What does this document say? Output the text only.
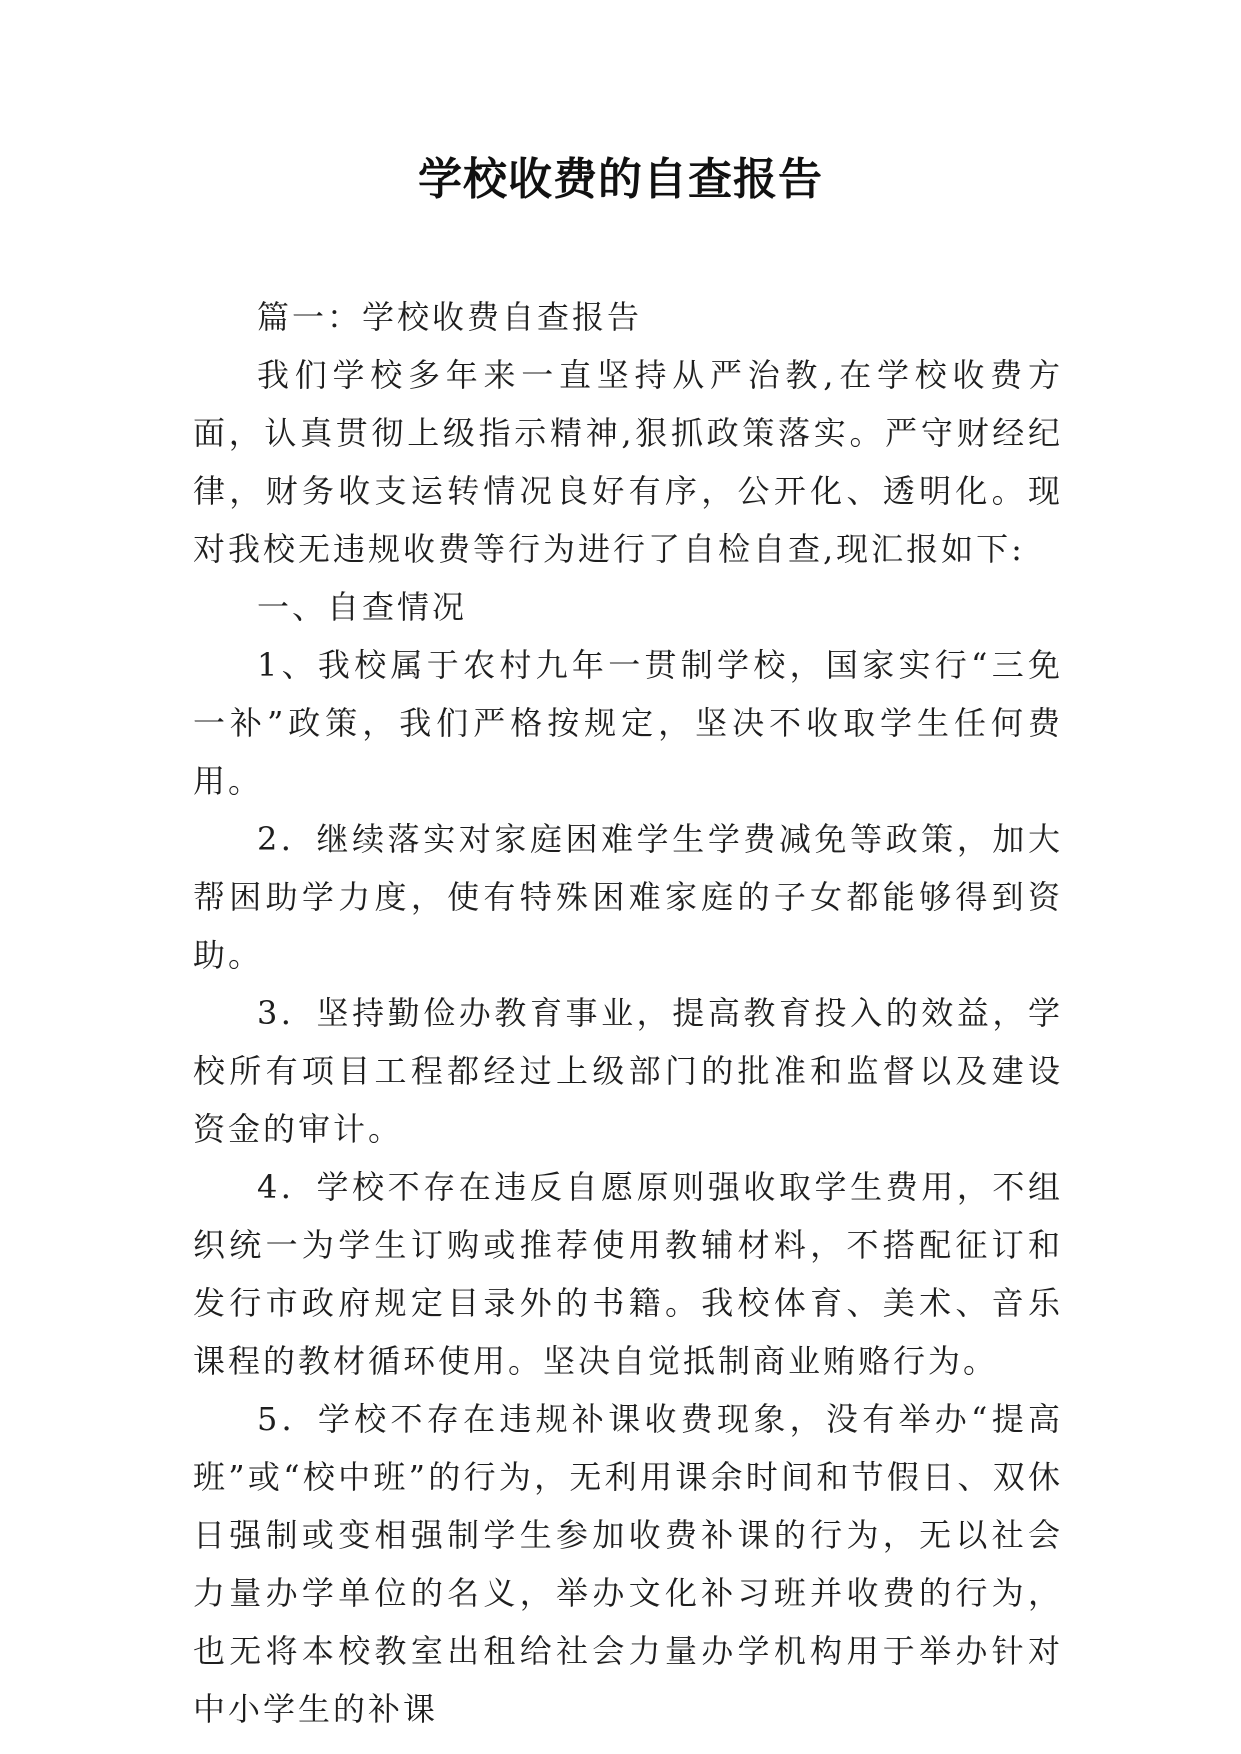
学校收费的自查报告

篇一：学校收费自查报告

我们学校多年来一直坚持从严治教,在学校收费方面，认真贯彻上级指示精神,狠抓政策落实。严守财经纪律，财务收支运转情况良好有序，公开化、透明化。现对我校无违规收费等行为进行了自检自查,现汇报如下:

一、自查情况

1、我校属于农村九年一贯制学校，国家实行“三免一补”政策，我们严格按规定，坚决不收取学生任何费用。

2．继续落实对家庭困难学生学费减免等政策，加大帮困助学力度，使有特殊困难家庭的子女都能够得到资助。

3．坚持勤俭办教育事业，提高教育投入的效益，学校所有项目工程都经过上级部门的批准和监督以及建设资金的审计。

4．学校不存在违反自愿原则强收取学生费用，不组织统一为学生订购或推荐使用教辅材料，不搭配征订和发行市政府规定目录外的书籍。我校体育、美术、音乐课程的教材循环使用。坚决自觉抵制商业贿赂行为。

5．学校不存在违规补课收费现象，没有举办“提高班”或“校中班”的行为，无利用课余时间和节假日、双休日强制或变相强制学生参加收费补课的行为，无以社会力量办学单位的名义，举办文化补习班并收费的行为，也无将本校教室出租给社会力量办学机构用于举办针对中小学生的补课
